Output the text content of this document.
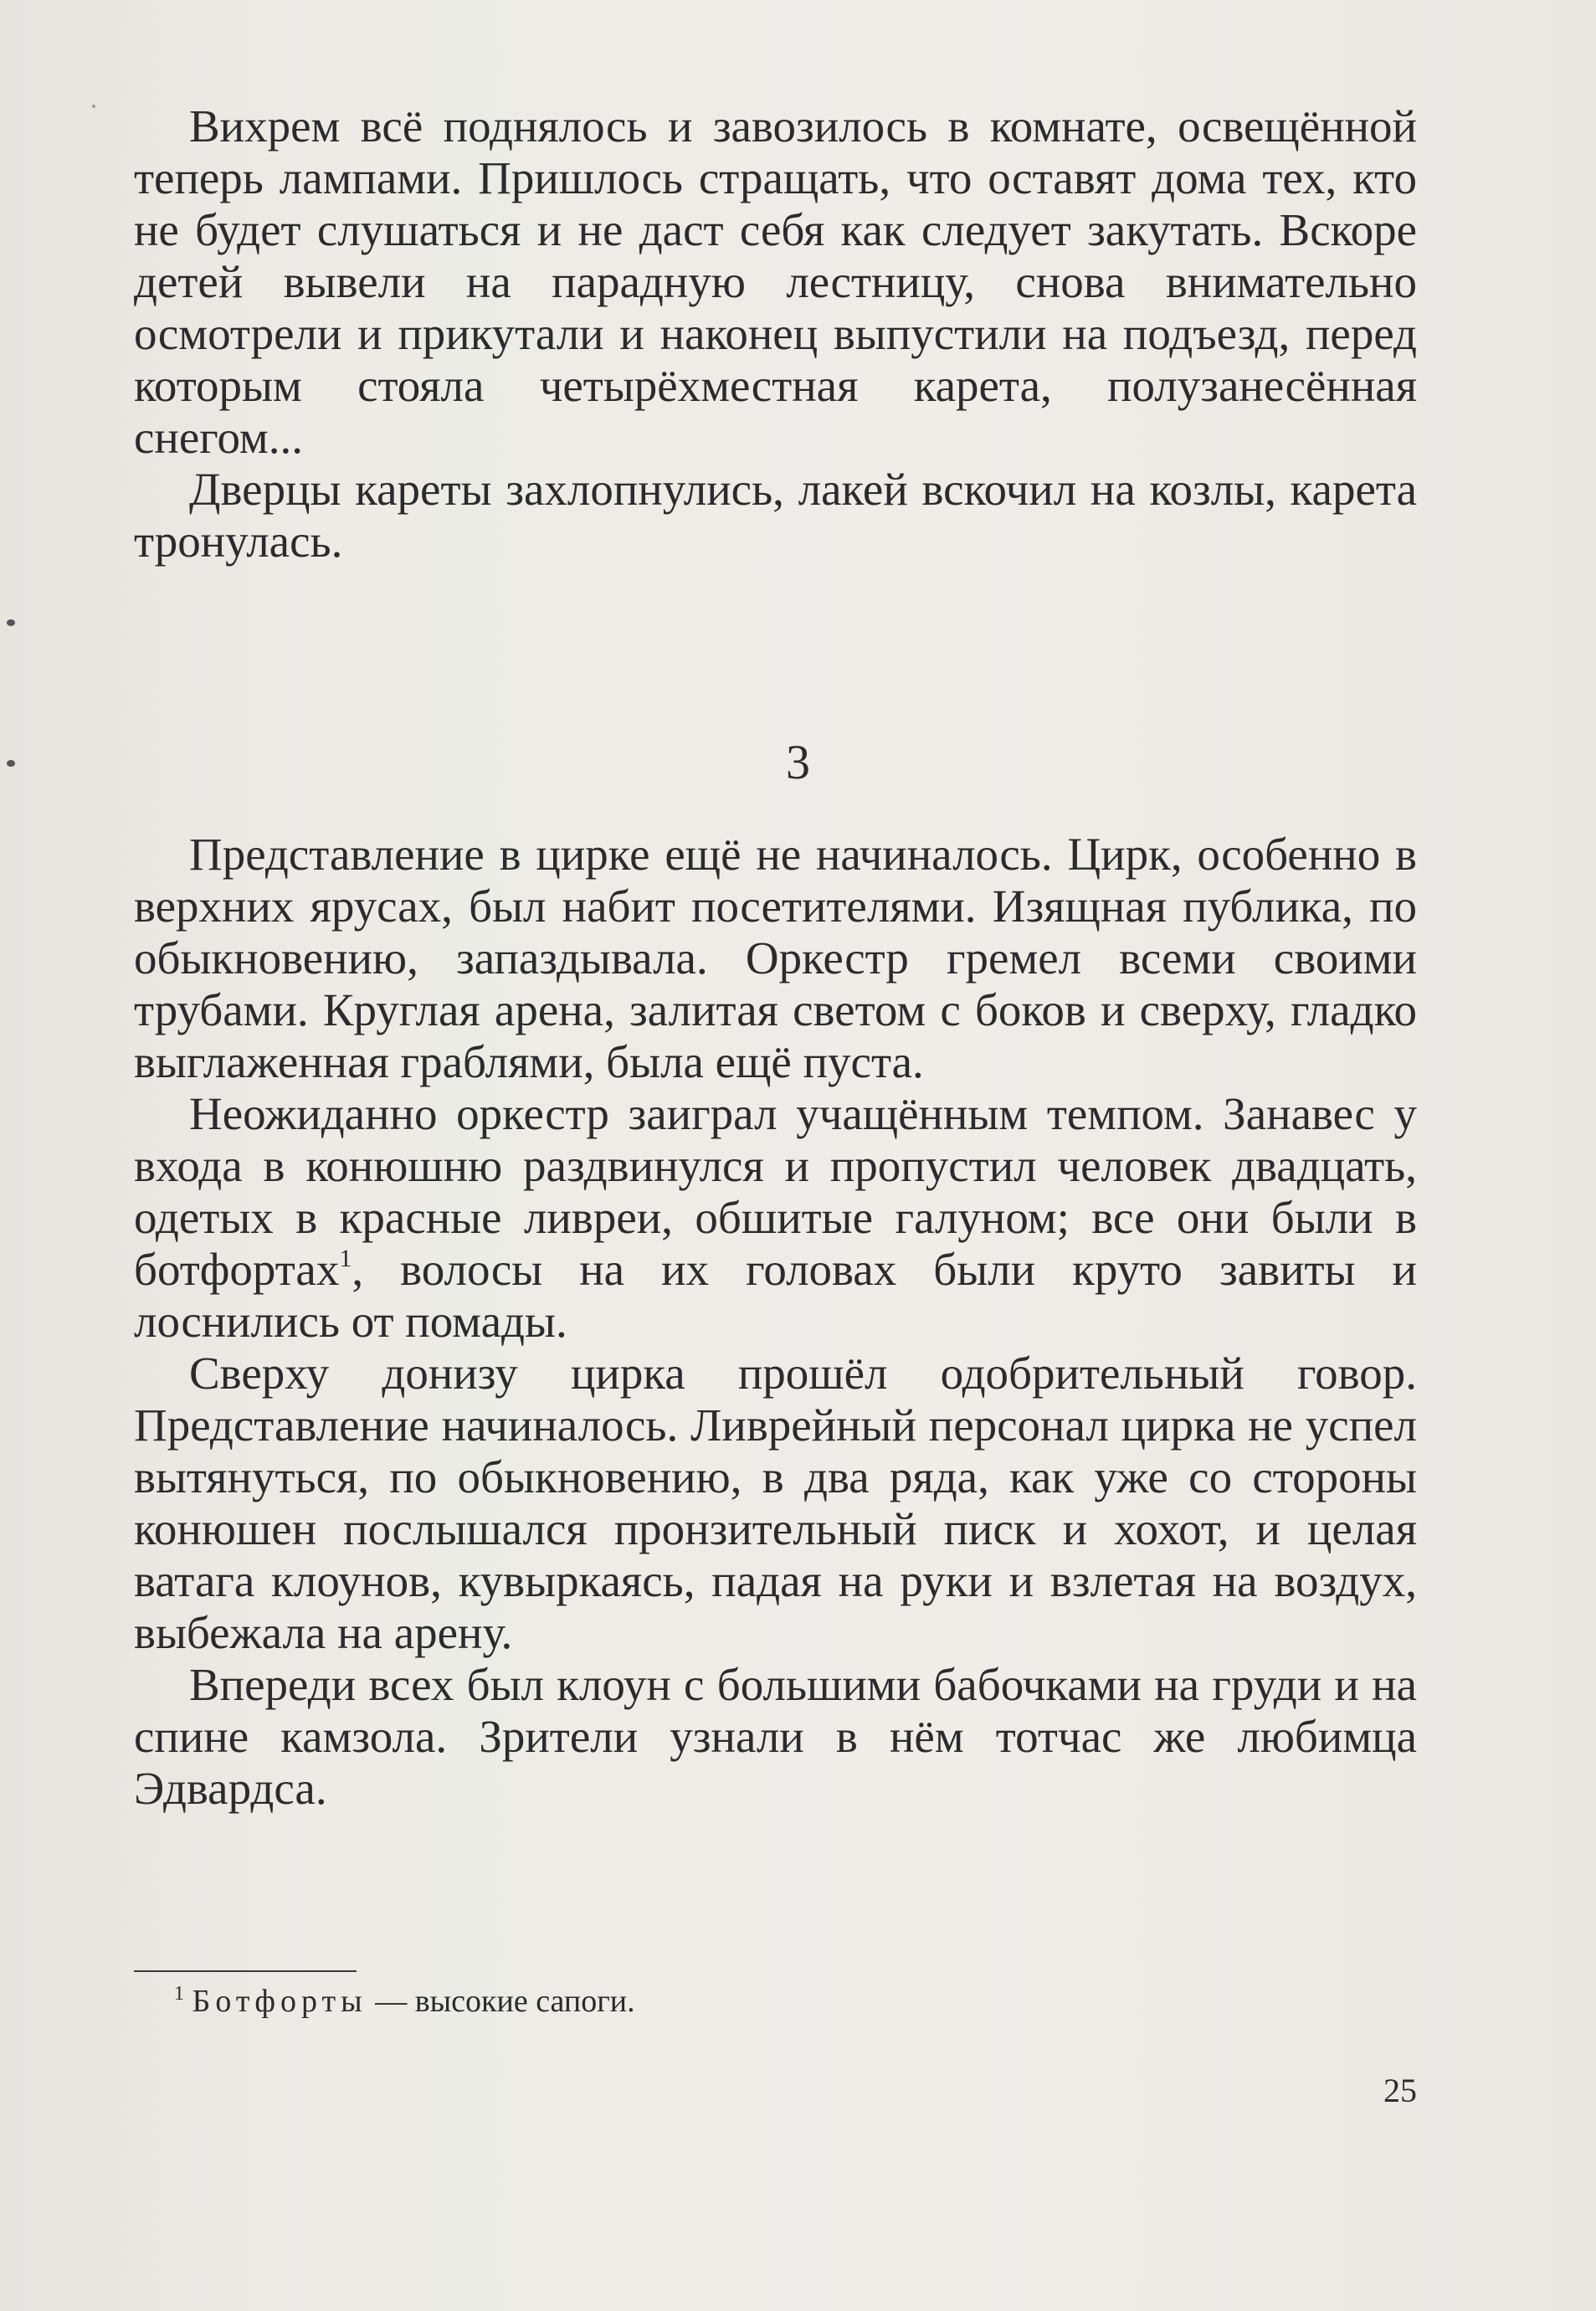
Вихрем всё поднялось и завозилось в комнате, освещённой теперь лампами. Пришлось стращать, что оставят дома тех, кто не будет слушаться и не даст себя как следует закутать. Вскоре детей вывели на парадную лестницу, снова внимательно осмотрели и прикутали и наконец выпустили на подъезд, перед которым стояла четырёхместная карета, полузанесённая снегом...

Дверцы кареты захлопнулись, лакей вскочил на козлы, карета тронулась.

3

Представление в цирке ещё не начиналось. Цирк, особенно в верхних ярусах, был набит посетителями. Изящная публика, по обыкновению, запаздывала. Оркестр гремел всеми своими трубами. Круглая арена, залитая светом с боков и сверху, гладко выглаженная граблями, была ещё пуста.

Неожиданно оркестр заиграл учащённым темпом. Занавес у входа в конюшню раздвинулся и пропустил человек двадцать, одетых в красные ливреи, обшитые галуном; все они были в ботфортах$^1$, волосы на их головах были круто завиты и лоснились от помады.

Сверху донизу цирка прошёл одобрительный говор. Представление начиналось. Ливрейный персонал цирка не успел вытянуться, по обыкновению, в два ряда, как уже со стороны конюшен послышался пронзительный писк и хохот, и целая ватага клоунов, кувыркаясь, падая на руки и взлетая на воздух, выбежала на арену.

Впереди всех был клоун с большими бабочками на груди и на спине камзола. Зрители узнали в нём тотчас же любимца Эдвардса.

$^1$ Ботфорты — высокие сапоги.

25
